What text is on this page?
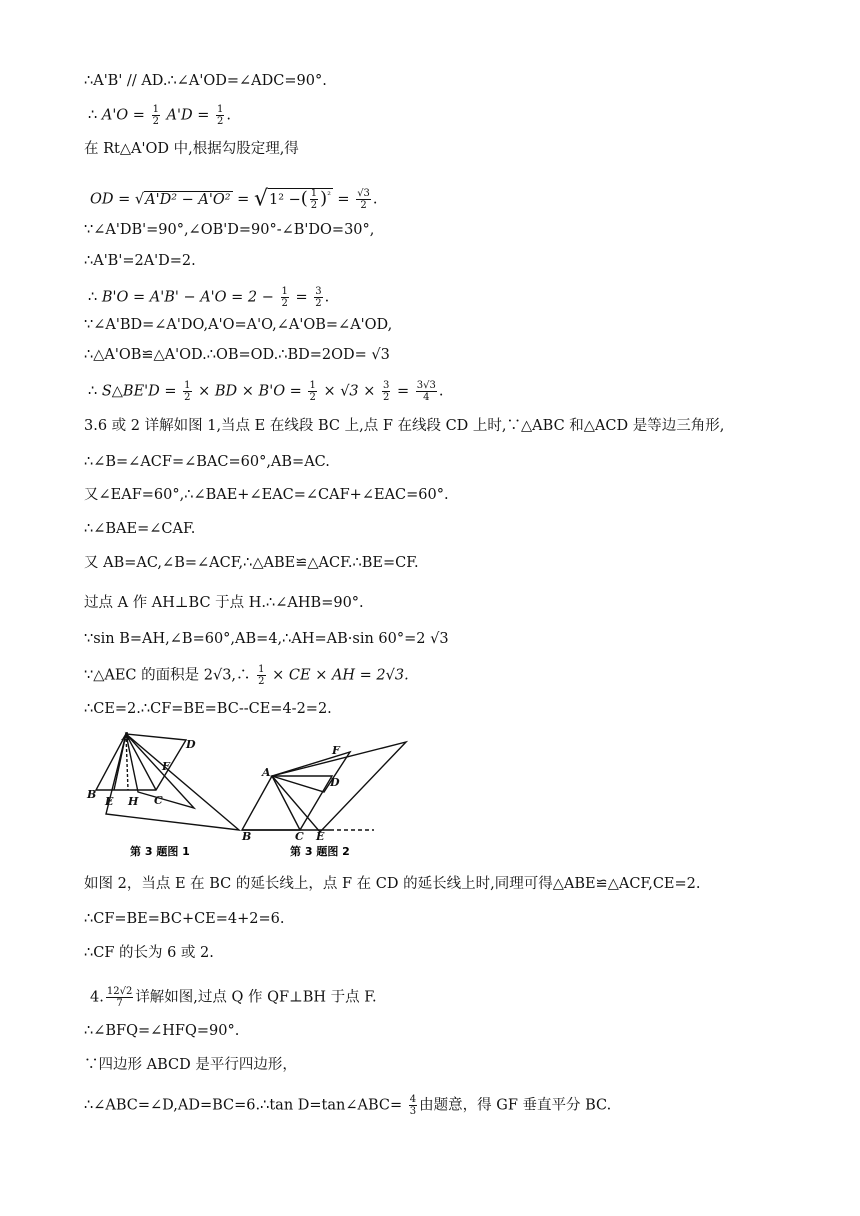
∴A'B' // AD.∴∠A'OD=∠ADC=90°.
∴ $A'O = \frac{1}{2} A'D = \frac{1}{2}$ .
在 Rt△A'OD 中,根据勾股定理,得
OD = √A'D² − A'O² = √1² −( $\frac{1}{2} )^{^2} = \frac{√3}{2}$ .
∵∠A'DB'=90°,∠OB'D=90°-∠B'DO=30°,
∴A'B'=2A'D=2.
∴ $B'O = A'B' - A'O = 2 - \frac{1}{2} = \frac{3}{2}$ .
∵∠A'BD=∠A'DO,A'O=A'O,∠A'OB=∠A'OD,
∴△A'OB≌△A'OD.∴OB=OD.∴BD=2OD= √3
∴ S△BE'D = $\frac{1}{2}$ × BD × $B'O = \frac{1}{2} \times √3 \times \frac{3}{2} = \frac{3√3}{4}$ .
3.6 或 2 详解如图 1,当点 E 在线段 BC 上,点 F 在线段 CD 上时,∵△ABC 和△ACD 是等边三角形,
∴∠B=∠ACF=∠BAC=60°,AB=AC.
又∠EAF=60°,∴∠BAE+∠EAC=∠CAF+∠EAC=60°.
∴∠BAE=∠CAF.
又 AB=AC,∠B=∠ACF,∴△ABE≌△ACF.∴BE=CF.
过点 A 作 AH⊥BC 于点 H.∴∠AHB=90°.
∵sin B=AH,∠B=60°,AB=4,∴AH=AB·sin 60°=2 √3
∵△AEC 的面积是 2√3,∴ $\frac{1}{2}$ × CE × AH = 2√3.
∴CE=2.∴CF=BE=BC--CE=4-2=2.
A
D
F
B
E H C
第 3 题图 1
F
A
D
B	C E
第 3 题图 2
如图 2，当点 E 在 BC 的延长线上，点 F 在 CD 的延长线上时,同理可得△ABE≌△ACF,CE=2.
∴CF=BE=BC+CE=4+2=6.
∴CF 的长为 6 或 2.
4. $\frac{12√2}{7}$ 详解如图,过点 Q 作 QF⊥BH 于点 F.
∴∠BFQ=∠HFQ=90°.
∵四边形 ABCD 是平行四边形，
∴∠ABC=∠D,AD=BC=6.∴tan D=tan∠ABC= $\frac{4}{3}$ 由题意，得 GF 垂直平分 BC.
